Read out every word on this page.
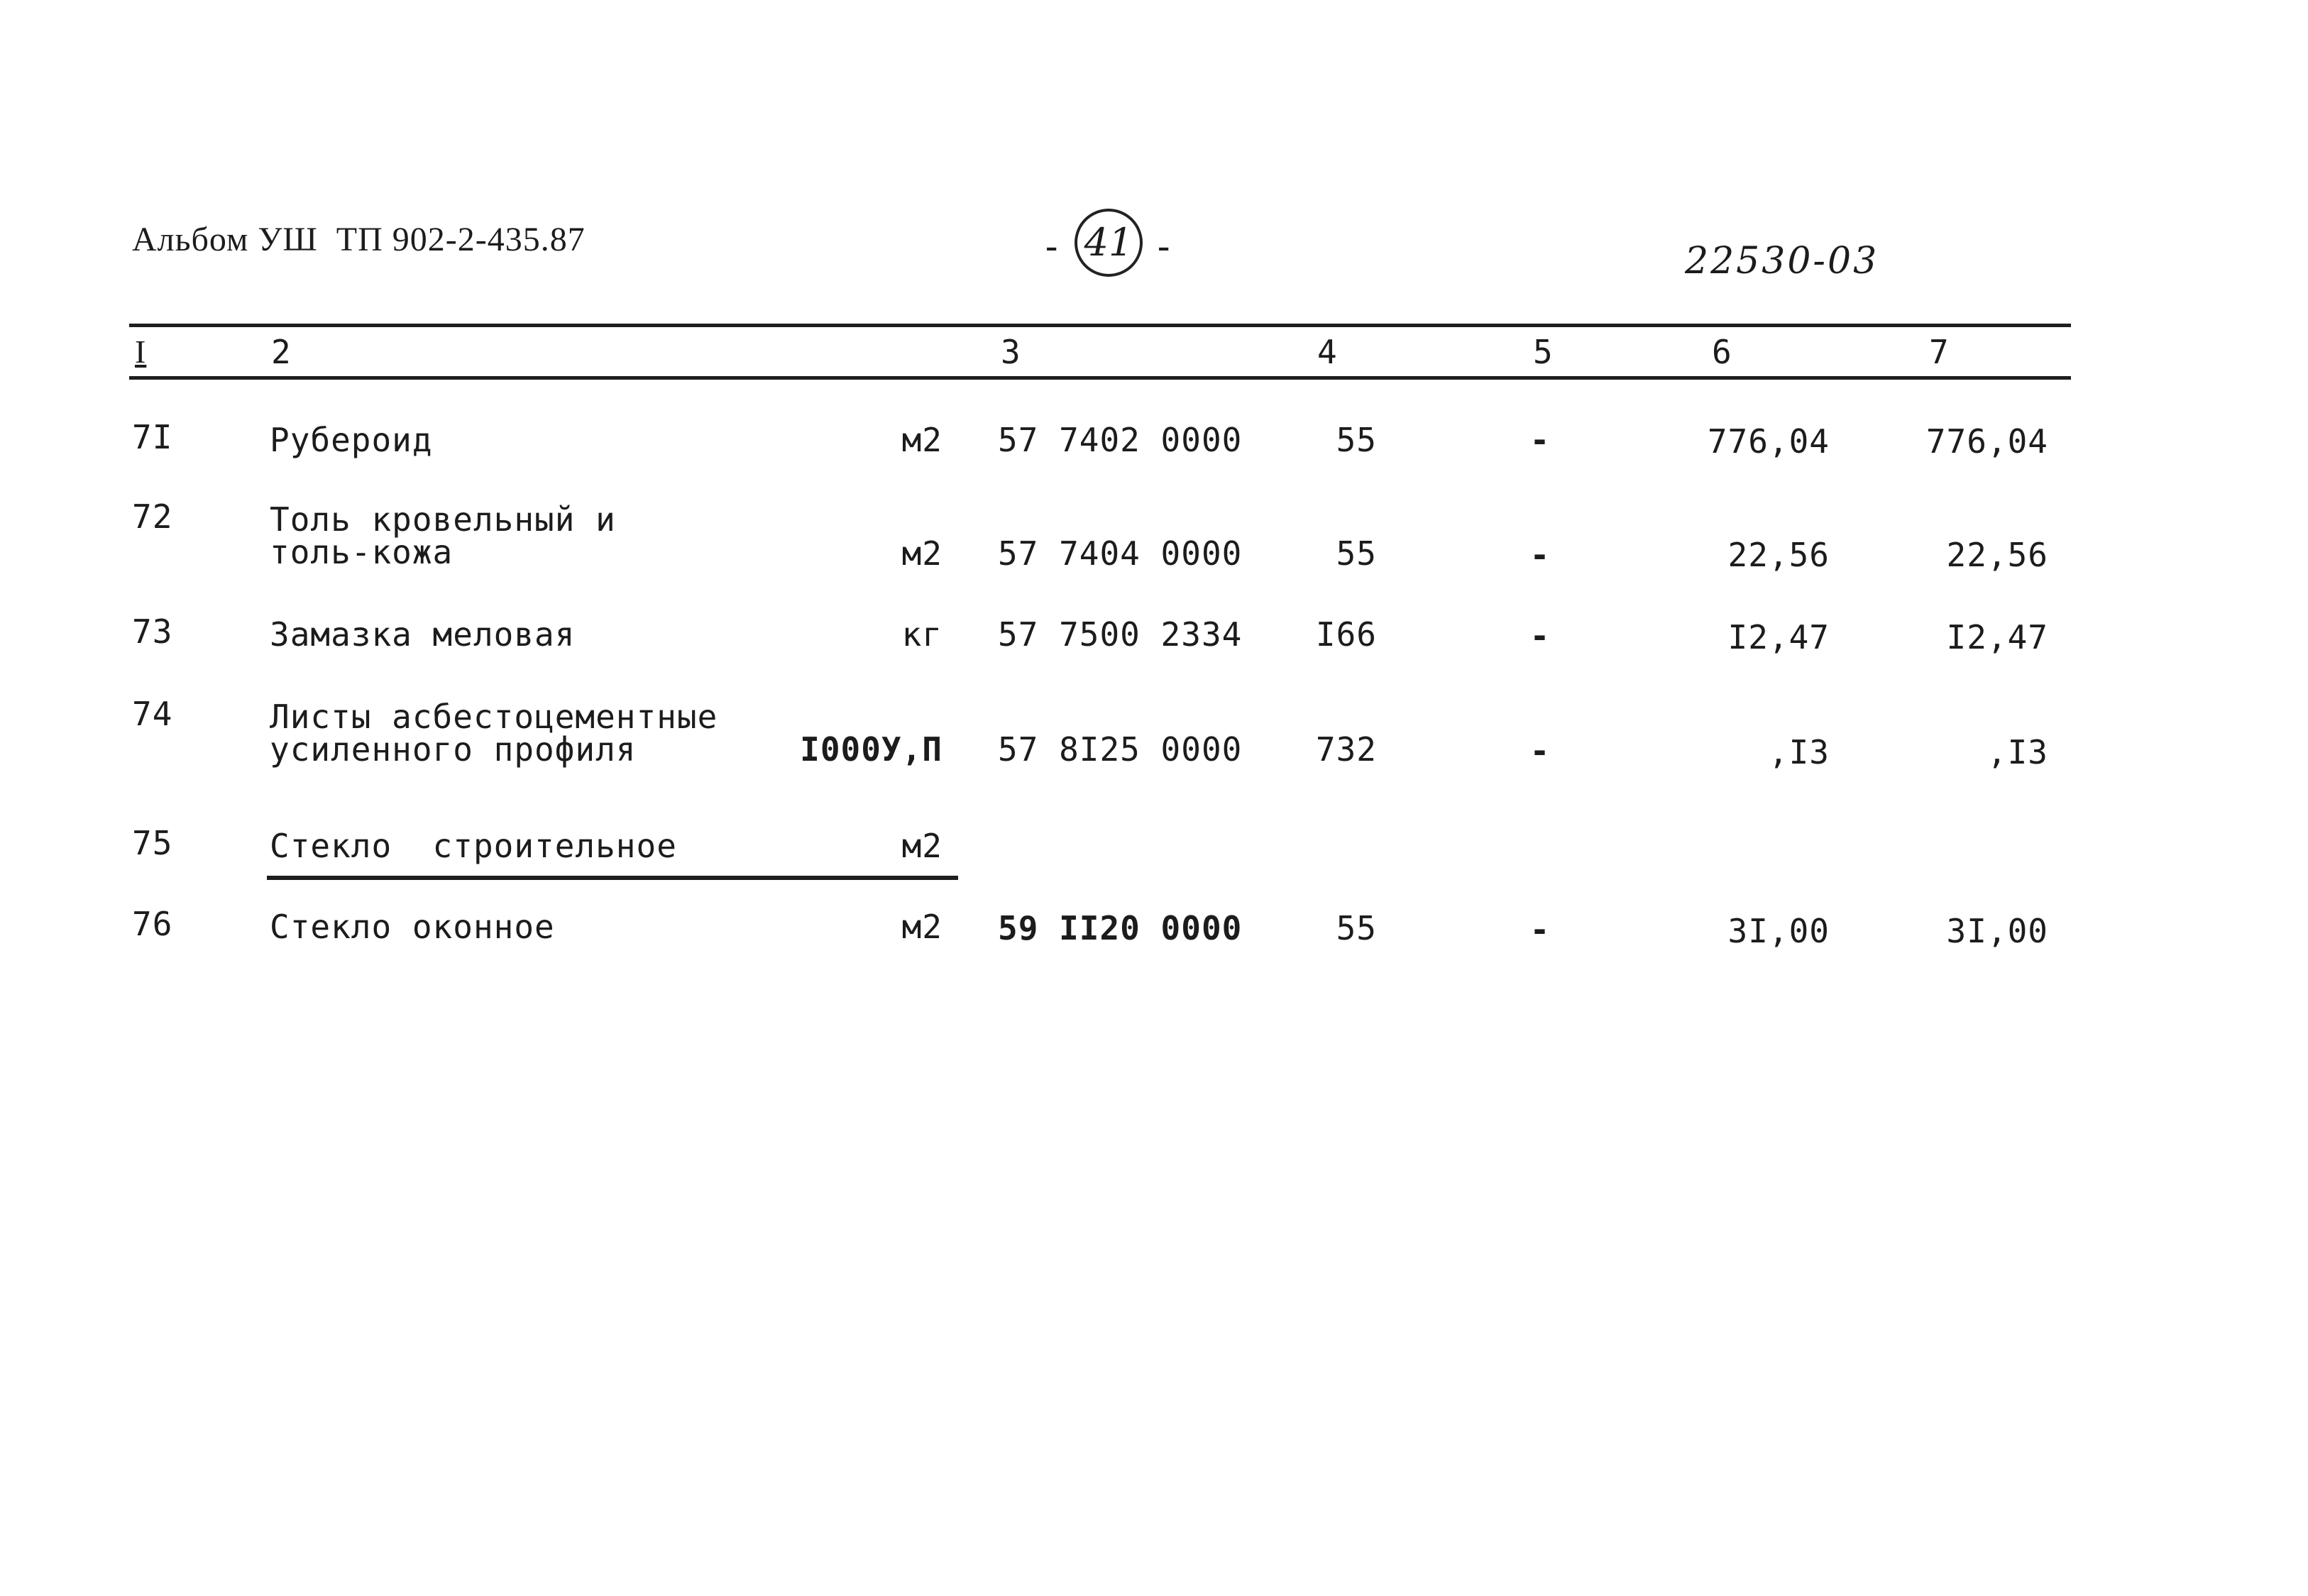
Альбом УШ  ТП 902-2-435.87	- 41 -	22530-03
I	2	3	4	5	6	7
7I	Рубероид	м2 57 7402 0000	55	-	776,04	776,04
72	Толь кровельный и
толь-кожа	м2 57 7404 0000	55	-	22,56	22,56
73	Замазка меловая	кг 57 7500 2334	I66	-	I2,47	I2,47
74	Листы асбестоцементные
усиленного профиля	I000У,П 57 8I25 0000	732	-	,I3	,I3
75	Стекло  строительное	м2
76	Стекло оконное	м2 59 II20 0000	55	-	3I,00	3I,00
